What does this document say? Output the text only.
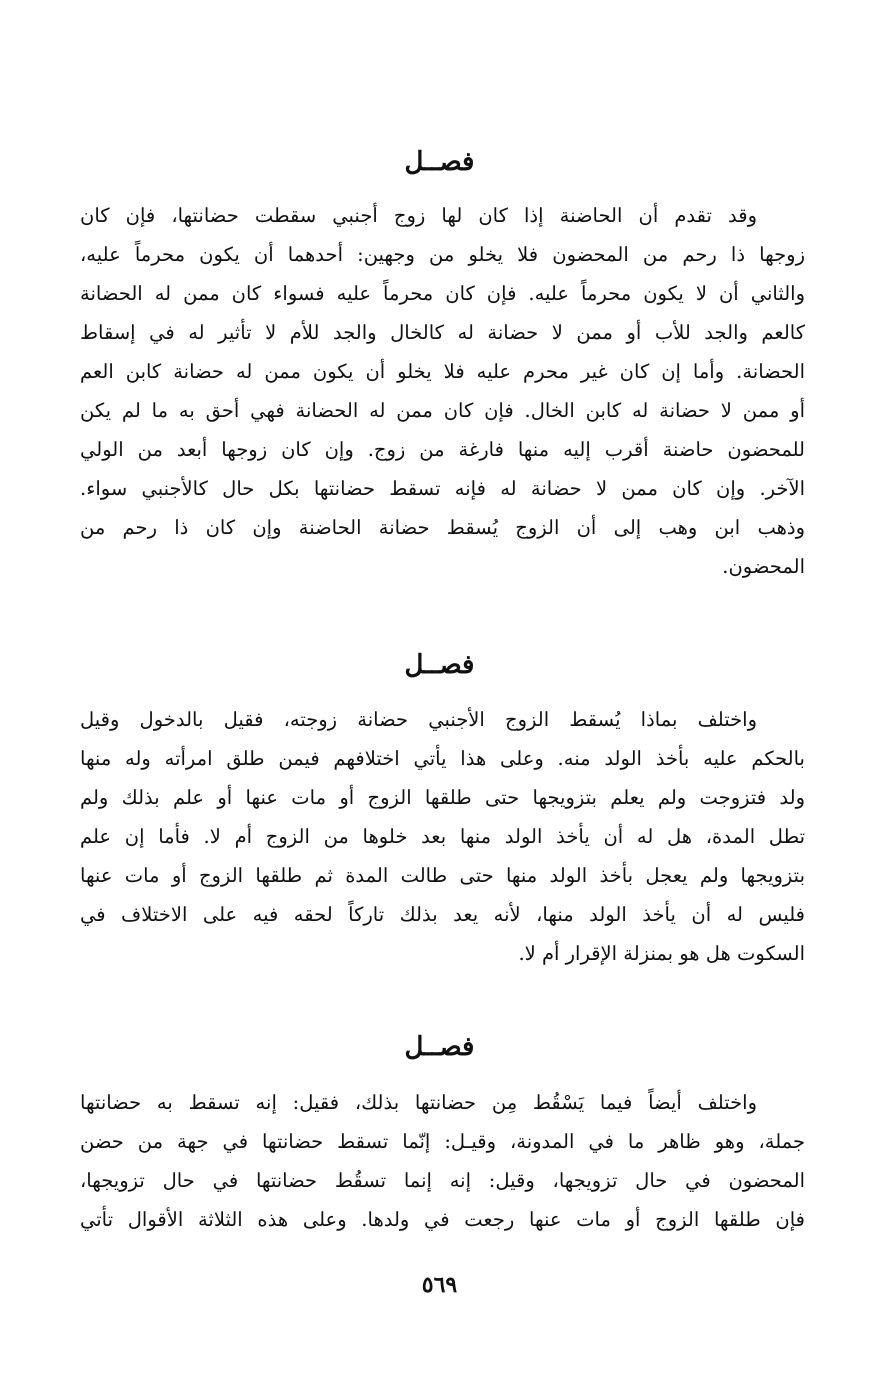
فصــل
وقد تقدم أن الحاضنة إذا كان لها زوج أجنبي سقطت حضانتها، فإن كان
زوجها ذا رحم من المحضون فلا يخلو من وجهين: أحدهما أن يكون محرماً عليه،
والثاني أن لا يكون محرماً عليه. فإن كان محرماً عليه فسواء كان ممن له الحضانة
كالعم والجد للأب أو ممن لا حضانة له كالخال والجد للأم لا تأثير له في إسقاط
الحضانة. وأما إن كان غير محرم عليه فلا يخلو أن يكون ممن له حضانة كابن العم
أو ممن لا حضانة له كابن الخال. فإن كان ممن له الحضانة فهي أحق به ما لم يكن
للمحضون حاضنة أقرب إليه منها فارغة من زوج. وإن كان زوجها أبعد من الولي
الآخر. وإن كان ممن لا حضانة له فإنه تسقط حضانتها بكل حال كالأجنبي سواء.
وذهب ابن وهب إلى أن الزوج يُسقط حضانة الحاضنة وإن كان ذا رحم من
المحضون.
فصــل
واختلف بماذا يُسقط الزوج الأجنبي حضانة زوجته، فقيل بالدخول وقيل
بالحكم عليه بأخذ الولد منه. وعلى هذا يأتي اختلافهم فيمن طلق امرأته وله منها
ولد فتزوجت ولم يعلم بتزويجها حتى طلقها الزوج أو مات عنها أو علم بذلك ولم
تطل المدة، هل له أن يأخذ الولد منها بعد خلوها من الزوج أم لا. فأما إن علم
بتزويجها ولم يعجل بأخذ الولد منها حتى طالت المدة ثم طلقها الزوج أو مات عنها
فليس له أن يأخذ الولد منها، لأنه يعد بذلك تاركاً لحقه فيه على الاختلاف في
السكوت هل هو بمنزلة الإقرار أم لا.
فصــل
واختلف أيضاً فيما يَسْقُط مِن حضانتها بذلك، فقيل: إنه تسقط به حضانتها
جملة، وهو ظاهر ما في المدونة، وقيـل: إنّما تسقط حضانتها في جهة من حضن
المحضون في حال تزويجها، وقيل: إنه إنما تسقُط حضانتها في حال تزويجها،
فإن طلقها الزوج أو مات عنها رجعت في ولدها. وعلى هذه الثلاثة الأقوال تأتي
٥٦٩
